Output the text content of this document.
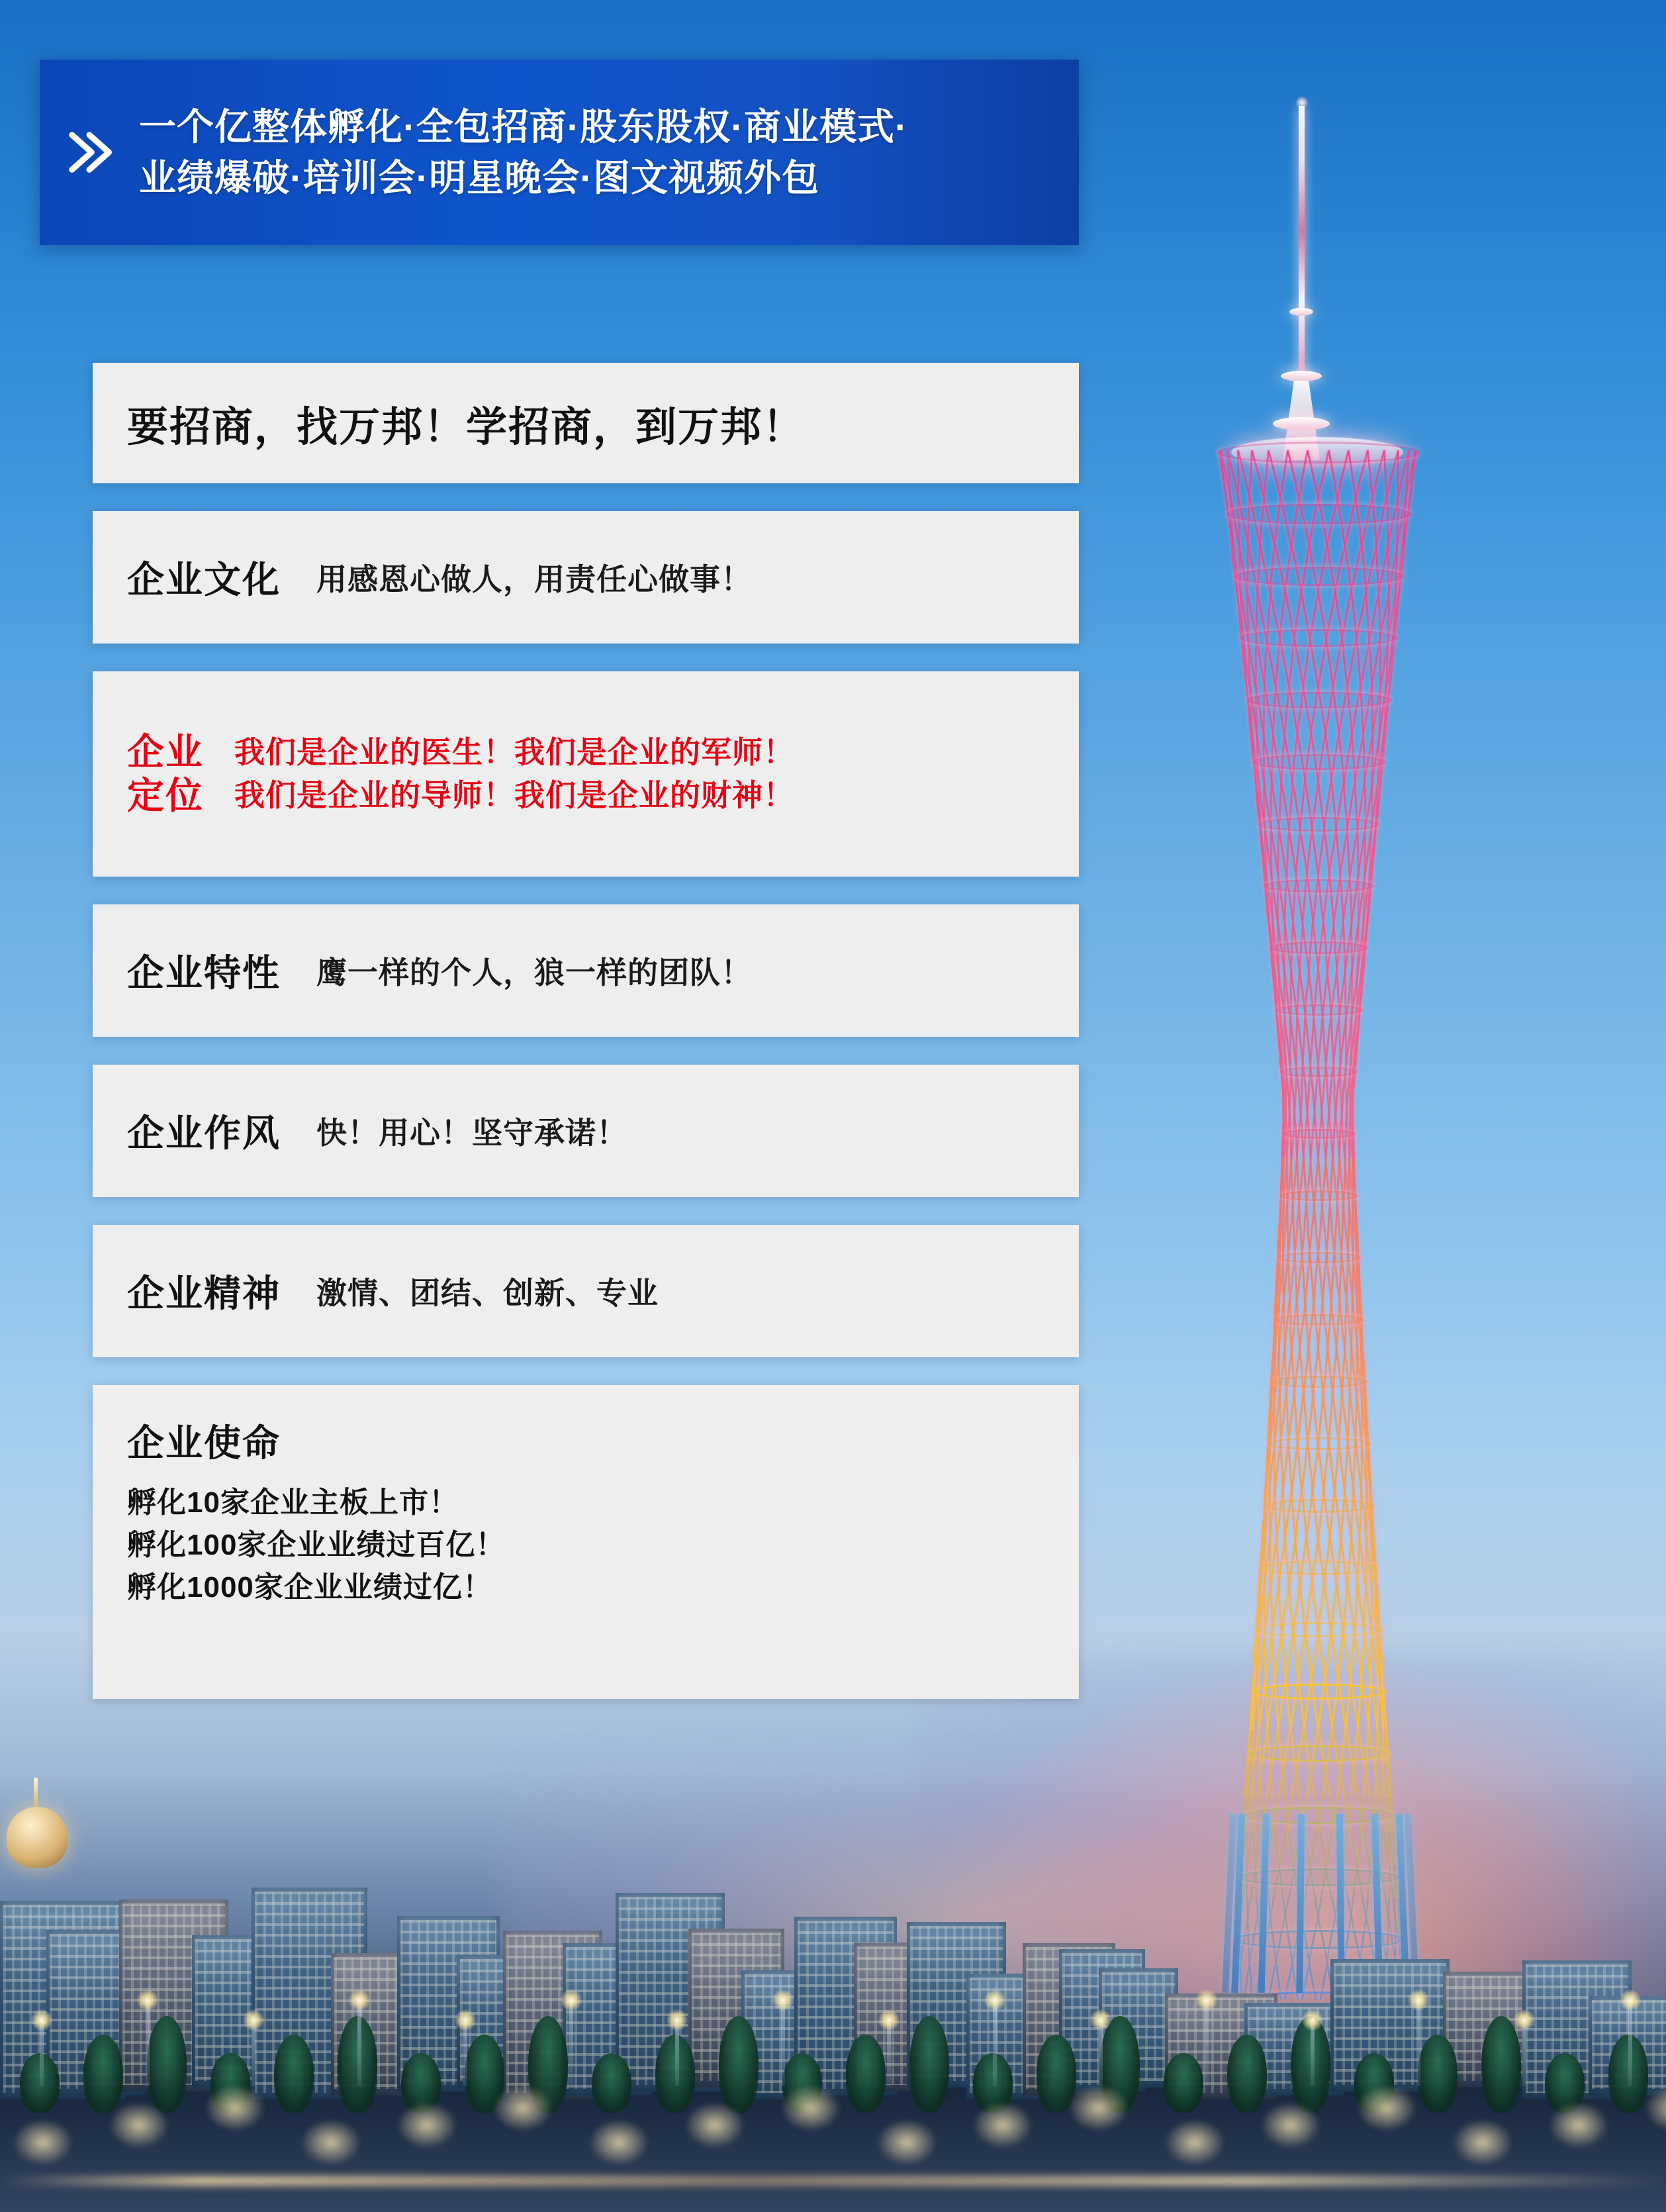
一个亿整体孵化·全包招商·股东股权·商业模式·
业绩爆破·培训会·明星晚会·图文视频外包
要招商，找万邦！学招商，到万邦！
企业文化 用感恩心做人，用责任心做事！
企业
定位
我们是企业的医生！我们是企业的军师！
我们是企业的导师！我们是企业的财神！
企业特性 鹰一样的个人，狼一样的团队！
企业作风 快！用心！坚守承诺！
企业精神 激情、团结、创新、专业
企业使命
孵化10家企业主板上市！
孵化100家企业业绩过百亿！
孵化1000家企业业绩过亿！
